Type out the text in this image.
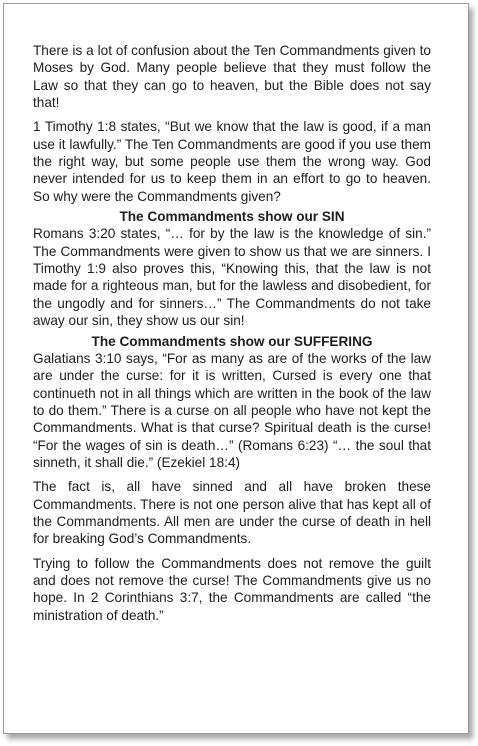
There is a lot of confusion about the Ten Commandments given to Moses by God. Many people believe that they must follow the Law so that they can go to heaven, but the Bible does not say that!

1 Timothy 1:8 states, “But we know that the law is good, if a man use it lawfully.” The Ten Commandments are good if you use them the right way, but some people use them the wrong way. God never intended for us to keep them in an effort to go to heaven. So why were the Commandments given?

The Commandments show our SIN

Romans 3:20 states, “… for by the law is the knowledge of sin.” The Commandments were given to show us that we are sinners. I Timothy 1:9 also proves this, “Knowing this, that the law is not made for a righteous man, but for the lawless and disobedient, for the ungodly and for sinners…” The Commandments do not take away our sin, they show us our sin!

The Commandments show our SUFFERING

Galatians 3:10 says, “For as many as are of the works of the law are under the curse: for it is written, Cursed is every one that continueth not in all things which are written in the book of the law to do them.” There is a curse on all people who have not kept the Commandments. What is that curse? Spiritual death is the curse! “For the wages of sin is death…” (Romans 6:23) “… the soul that sinneth, it shall die.” (Ezekiel 18:4)

The fact is, all have sinned and all have broken these Commandments. There is not one person alive that has kept all of the Commandments. All men are under the curse of death in hell for breaking God’s Commandments.

Trying to follow the Commandments does not remove the guilt and does not remove the curse! The Commandments give us no hope. In 2 Corinthians 3:7, the Commandments are called “the ministration of death.”
